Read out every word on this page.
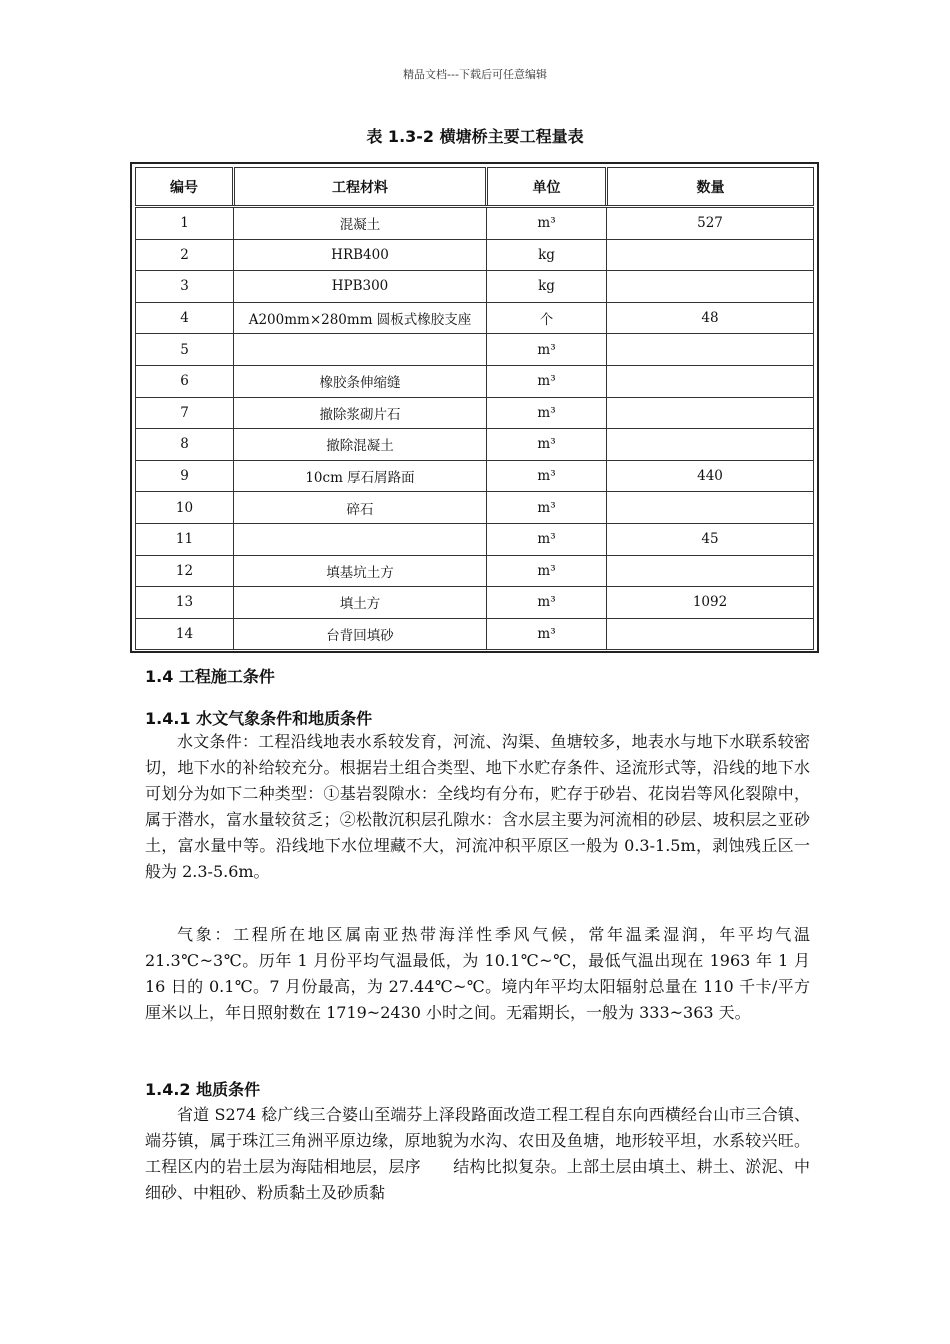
精品文档---下载后可任意编辑
表 1.3-2 横塘桥主要工程量表
编号	工程材料	单位	数量
1	混凝土	m³	527
2	HRB400	kg	
3	HPB300	kg	
4	A200mm×280mm 圆板式橡胶支座	个	48
5		m³	
6	橡胶条伸缩缝	m³	
7	撤除浆砌片石	m³	
8	撤除混凝土	m³	
9	10cm 厚石屑路面	m³	440
10	碎石	m³	
11		m³	45
12	填基坑土方	m³	
13	填土方	m³	1092
14	台背回填砂	m³	
1.4 工程施工条件
1.4.1 水文气象条件和地质条件

水文条件：工程沿线地表水系较发育，河流、沟渠、鱼塘较多，地表水与地下水联系较密切，地下水的补给较充分。根据岩土组合类型、地下水贮存条件、迳流形式等，沿线的地下水可划分为如下二种类型：①基岩裂隙水：全线均有分布，贮存于砂岩、花岗岩等风化裂隙中，属于潜水，富水量较贫乏；②松散沉积层孔隙水：含水层主要为河流相的砂层、坡积层之亚砂土，富水量中等。沿线地下水位埋藏不大，河流冲积平原区一般为 0.3-1.5m，剥蚀残丘区一般为 2.3-5.6m。

气象：工程所在地区属南亚热带海洋性季风气候，常年温柔湿润，年平均气温 21.3℃~3℃。历年 1 月份平均气温最低，为 10.1℃~℃，最低气温出现在 1963 年 1 月 16 日的 0.1℃。7 月份最高，为 27.44℃~℃。境内年平均太阳辐射总量在 110 千卡/平方厘米以上，年日照射数在 1719~2430 小时之间。无霜期长，一般为 333~363 天。

1.4.2 地质条件

省道 S274 稔广线三合婆山至端芬上泽段路面改造工程工程自东向西横经台山市三合镇、端芬镇，属于珠江三角洲平原边缘，原地貌为水沟、农田及鱼塘，地形较平坦，水系较兴旺。工程区内的岩土层为海陆相地层，层序　　结构比拟复杂。上部土层由填土、耕土、淤泥、中细砂、中粗砂、粉质黏土及砂质黏
